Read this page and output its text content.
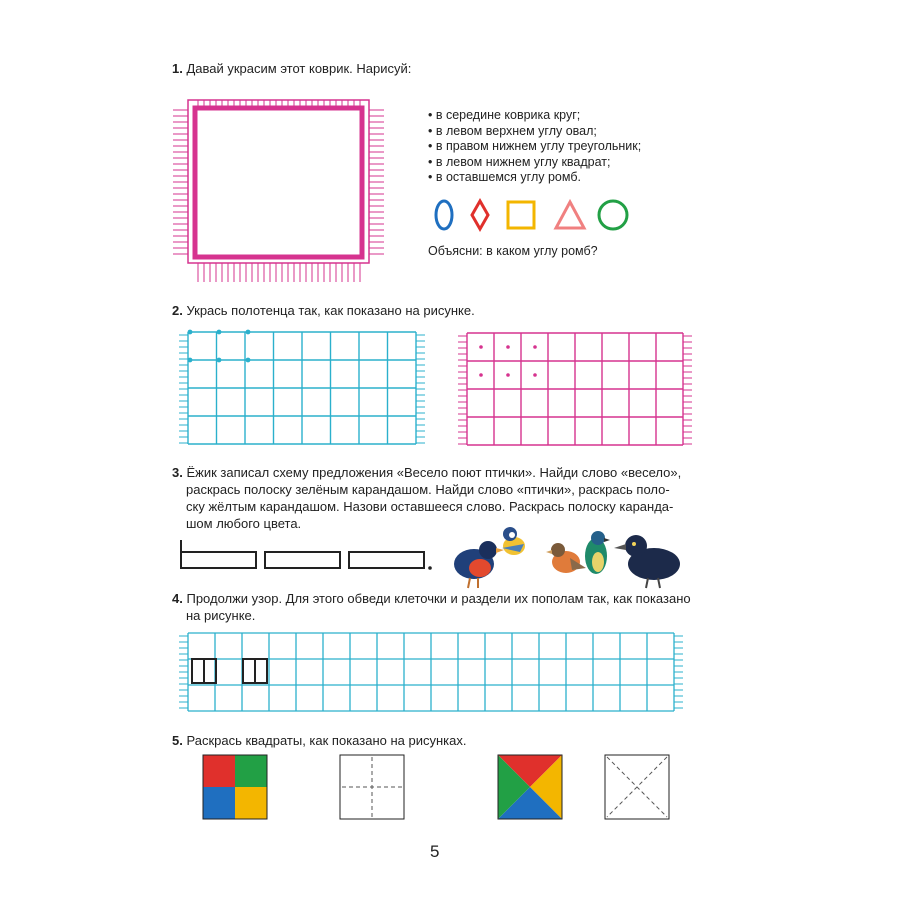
1. Давай украсим этот коврик. Нарисуй:
• в середине коврика круг;
• в левом верхнем углу овал;
• в правом нижнем углу треугольник;
• в левом нижнем углу квадрат;
• в оставшемся углу ромб.
Объясни: в каком углу ромб?
2. Укрась полотенца так, как показано на рисунке.
3. Ёжик записал схему предложения «Весело поют птички». Найди слово «весело»,
раскрась полоску зелёным карандашом. Найди слово «птички», раскрась поло-
ску жёлтым карандашом. Назови оставшееся слово. Раскрась полоску каранда-
шом любого цвета.
4. Продолжи узор. Для этого обведи клеточки и раздели их пополам так, как показано
на рисунке.
5. Раскрась квадраты, как показано на рисунках.
5
